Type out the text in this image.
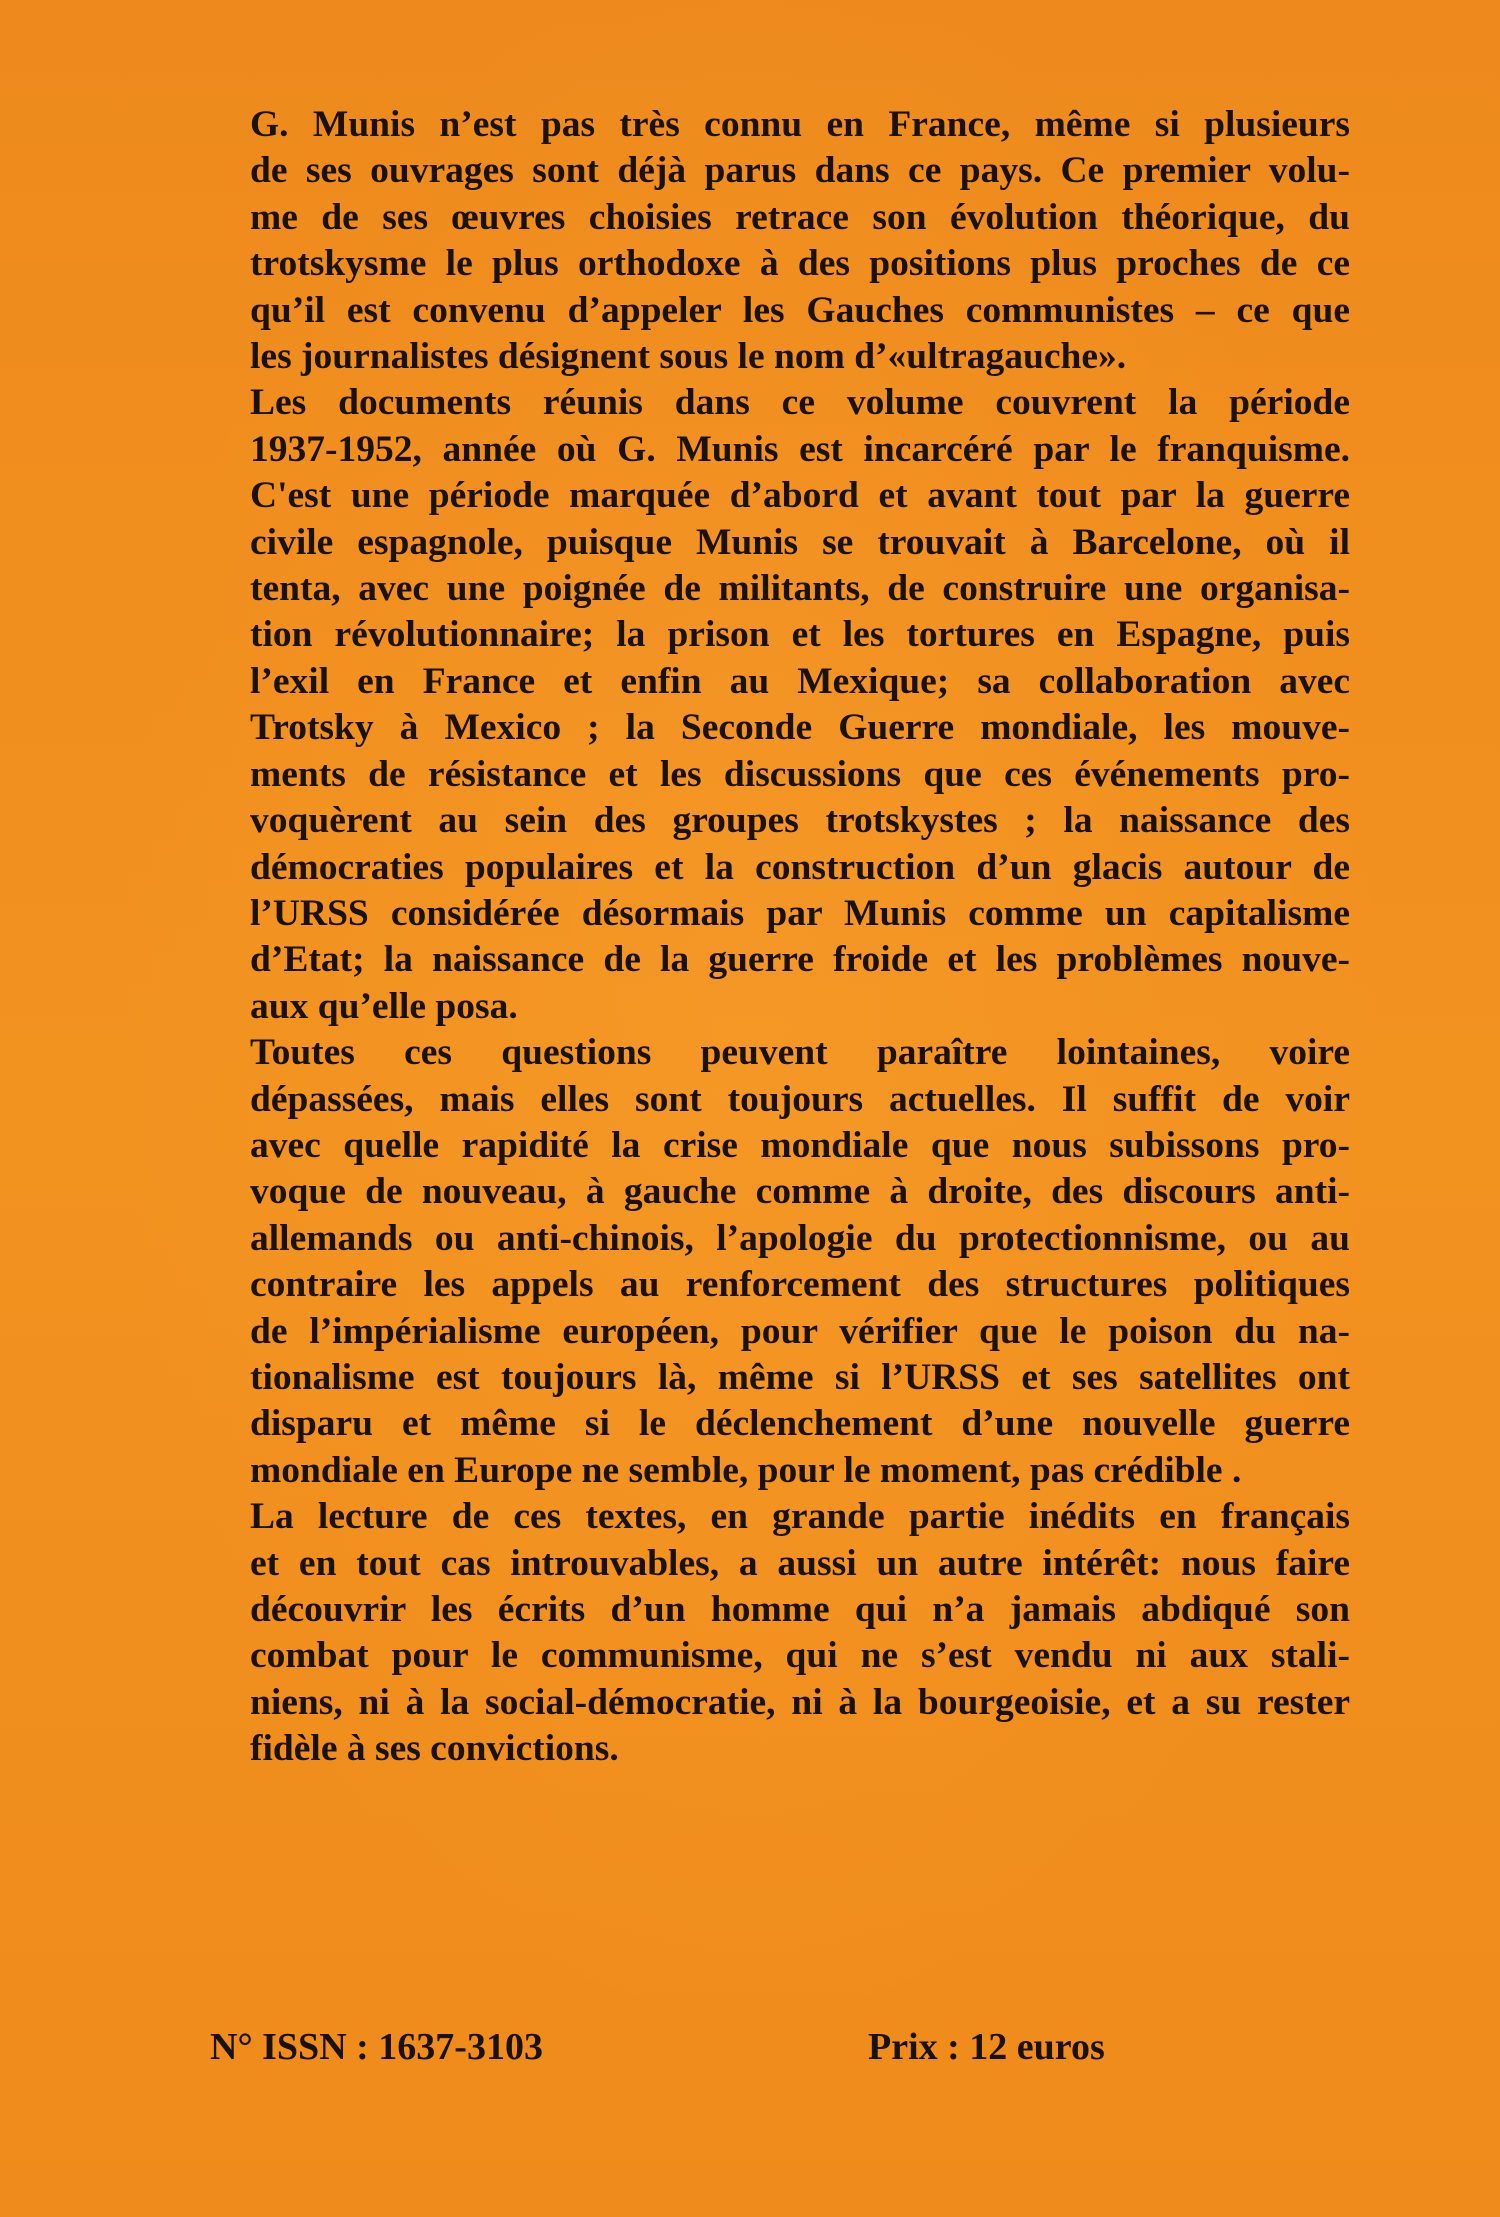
G. Munis n’est pas très connu en France, même si plusieurs
de ses ouvrages sont déjà parus dans ce pays. Ce premier volu-
me de ses œuvres choisies retrace son évolution théorique, du
trotskysme le plus orthodoxe à des positions plus proches de ce
qu’il est convenu d’appeler les Gauches communistes – ce que
les journalistes désignent sous le nom d’«ultragauche».
Les documents réunis dans ce volume couvrent la période
1937-1952, année où G. Munis est incarcéré par le franquisme.
C'est une période marquée d’abord et avant tout par la guerre
civile espagnole, puisque Munis se trouvait à Barcelone, où il
tenta, avec une poignée de militants, de construire une organisa-
tion révolutionnaire; la prison et les tortures en Espagne, puis
l’exil en France et enfin au Mexique; sa collaboration avec
Trotsky à Mexico ; la Seconde Guerre mondiale, les mouve-
ments de résistance et les discussions que ces événements pro-
voquèrent au sein des groupes trotskystes ; la naissance des
démocraties populaires et la construction d’un glacis autour de
l’URSS considérée désormais par Munis comme un capitalisme
d’Etat; la naissance de la guerre froide et les problèmes nouve-
aux qu’elle posa.
Toutes ces questions peuvent paraître lointaines, voire
dépassées, mais elles sont toujours actuelles. Il suffit de voir
avec quelle rapidité la crise mondiale que nous subissons pro-
voque de nouveau, à gauche comme à droite, des discours anti-
allemands ou anti-chinois, l’apologie du protectionnisme, ou au
contraire les appels au renforcement des structures politiques
de l’impérialisme européen, pour vérifier que le poison du na-
tionalisme est toujours là, même si l’URSS et ses satellites ont
disparu et même si le déclenchement d’une nouvelle guerre
mondiale en Europe ne semble, pour le moment, pas crédible .
La lecture de ces textes, en grande partie inédits en français
et en tout cas introuvables, a aussi un autre intérêt: nous faire
découvrir les écrits d’un homme qui n’a jamais abdiqué son
combat pour le communisme, qui ne s’est vendu ni aux stali-
niens, ni à la social-démocratie, ni à la bourgeoisie, et a su rester
fidèle à ses convictions.
N° ISSN : 1637-3103	Prix : 12 euros
